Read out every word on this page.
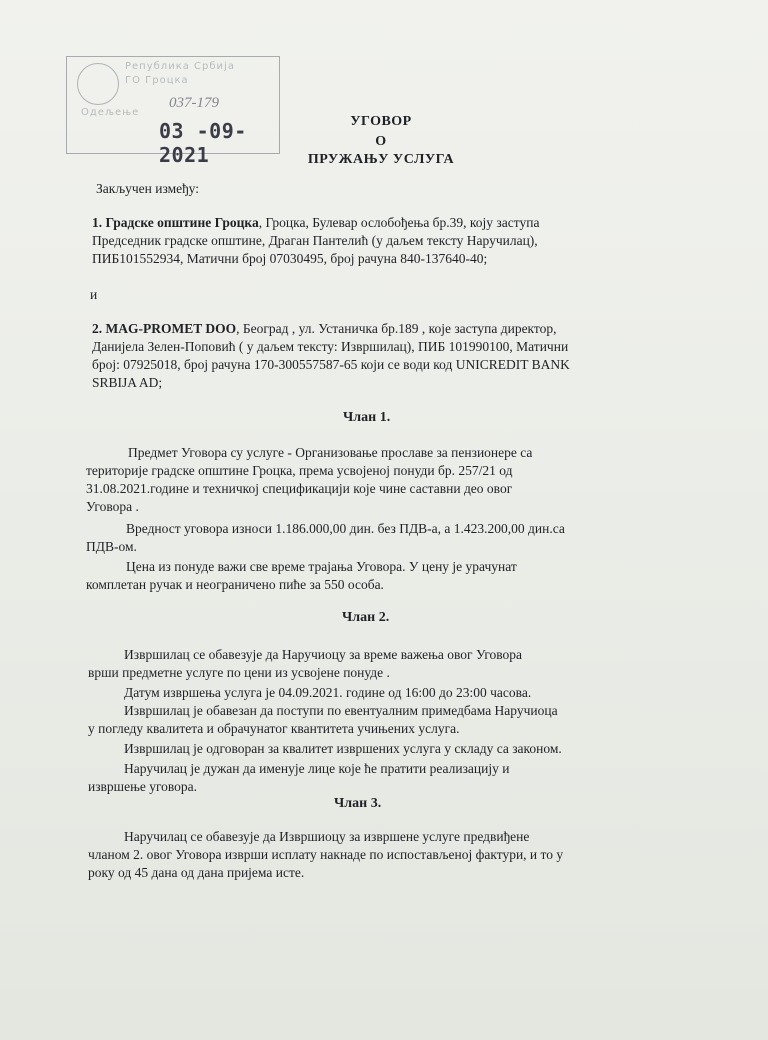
Република Србија
ГО Гроцка
Одељење
037-179
03 -09- 2021
УГОВОР
О
ПРУЖАЊУ УСЛУГА
Закључен између:
1. Градске општине Гроцка, Гроцка, Булевар ослобођења бр.39, коју заступа
Председник градске општине, Драган Пантелић (у даљем тексту Наручилац),
ПИБ101552934, Матични број 07030495, број рачуна 840-137640-40;
и
2. MAG-PROMET DOO, Београд , ул. Устаничка бр.189 , које заступа директор,
Данијела Зелен-Поповић ( у даљем тексту: Извршилац), ПИБ 101990100, Матични
број: 07925018, број рачуна 170-300557587-65 који се води код UNICREDIT BANK
SRBIJA AD;
Члан 1.
Предмет Уговора су услуге - Организовање прославе за пензионере са
територије градске општине Гроцка, према усвојеној понуди бр. 257/21 од
31.08.2021.године и техничкој спецификацији које чине саставни део овог
Уговора .
Вредност уговора износи 1.186.000,00 дин. без ПДВ-а, а 1.423.200,00 дин.са
ПДВ-ом.
Цена из понуде важи све време трајања Уговора. У цену је урачунат
комплетан ручак и неограничено пиће за 550 особа.
Члан 2.
Извршилац се обавезује да Наручиоцу за време важења овог Уговора
врши предметне услуге по цени из усвојене понуде .
Датум извршења услуга је 04.09.2021. године од 16:00 до 23:00 часова.
Извршилац је обавезан да поступи по евентуалним примедбама Наручиоца
у погледу квалитета и обрачунатог квантитета учињених услуга.
Извршилац је одговоран за квалитет извршених услуга у складу са законом.
Наручилац је дужан да именује лице које ће пратити реализацију и
извршење уговора.
Члан 3.
Наручилац се обавезује да Извршиоцу за извршене услуге предвиђене
чланом 2. овог Уговора изврши исплату накнаде по испостављеној фактури, и то у
року од 45 дана од дана пријема исте.
